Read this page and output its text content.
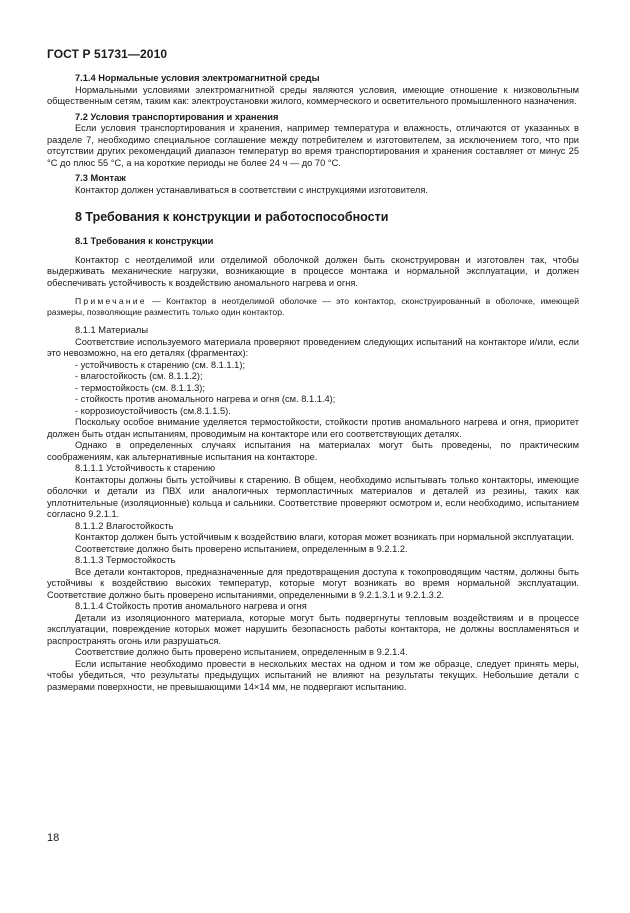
ГОСТ Р 51731—2010
7.1.4 Нормальные условия электромагнитной среды

Нормальными условиями электромагнитной среды являются условия, имеющие отношение к низковольтным общественным сетям, таким как: электроустановки жилого, коммерческого и осветительного промышленного назначения.

7.2 Условия транспортирования и хранения

Если условия транспортирования и хранения, например температура и влажность, отличаются от указанных в разделе 7, необходимо специальное соглашение между потребителем и изготовителем, за исключением того, что при отсутствии других рекомендаций диапазон температур во время транспортирования и хранения составляет от минус 25 °С до плюс 55 °С, а на короткие периоды не более 24 ч — до 70 °С.

7.3 Монтаж

Контактор должен устанавливаться в соответствии с инструкциями изготовителя.

8 Требования к конструкции и работоспособности
8.1 Требования к конструкции

Контактор с неотделимой или отделимой оболочкой должен быть сконструирован и изготовлен так, чтобы выдерживать механические нагрузки, возникающие в процессе монтажа и нормальной эксплуатации, и должен обеспечивать устойчивость к воздействию аномального нагрева и огня.

Примечание — Контактор в неотделимой оболочке — это контактор, сконструированный в оболочке, имеющей размеры, позволяющие разместить только один контактор.
8.1.1 Материалы

Соответствие используемого материала проверяют проведением следующих испытаний на контакторе и/или, если это невозможно, на его деталях (фрагментах):

- устойчивость к старению (см. 8.1.1.1);
- влагостойкость (см. 8.1.1.2);
- термостойкость (см. 8.1.1.3);
- стойкость против аномального нагрева и огня (см. 8.1.1.4);
- коррозиоустойчивость (см.8.1.1.5).

Поскольку особое внимание уделяется термостойкости, стойкости против аномального нагрева и огня, приоритет должен быть отдан испытаниям, проводимым на контакторе или его соответствующих деталях.

Однако в определенных случаях испытания на материалах могут быть проведены, по практическим соображениям, как альтернативные испытания на контакторе.

8.1.1.1 Устойчивость к старению

Контакторы должны быть устойчивы к старению. В общем, необходимо испытывать только контакторы, имеющие оболочки и детали из ПВХ или аналогичных термопластичных материалов и деталей из резины, таких как уплотнительные (изоляционные) кольца и сальники. Соответствие проверяют осмотром и, если необходимо, испытанием согласно 9.2.1.1.

8.1.1.2 Влагостойкость

Контактор должен быть устойчивым к воздействию влаги, которая может возникать при нормальной эксплуатации.

Соответствие должно быть проверено испытанием, определенным в 9.2.1.2.

8.1.1.3 Термостойкость

Все детали контакторов, предназначенные для предотвращения доступа к токопроводящим частям, должны быть устойчивы к воздействию высоких температур, которые могут возникать во время нормальной эксплуатации. Соответствие должно быть проверено испытаниями, определенными в 9.2.1.3.1 и 9.2.1.3.2.

8.1.1.4 Стойкость против аномального нагрева и огня

Детали из изоляционного материала, которые могут быть подвергнуты тепловым воздействиям и в процессе эксплуатации, повреждение которых может нарушить безопасность работы контактора, не должны воспламеняться и распространять огонь или разрушаться.

Соответствие должно быть проверено испытанием, определенным в 9.2.1.4.

Если испытание необходимо провести в нескольких местах на одном и том же образце, следует принять меры, чтобы убедиться, что результаты предыдущих испытаний не влияют на результаты текущих. Небольшие детали с размерами поверхности, не превышающими 14×14 мм, не подвергают испытанию.

18
